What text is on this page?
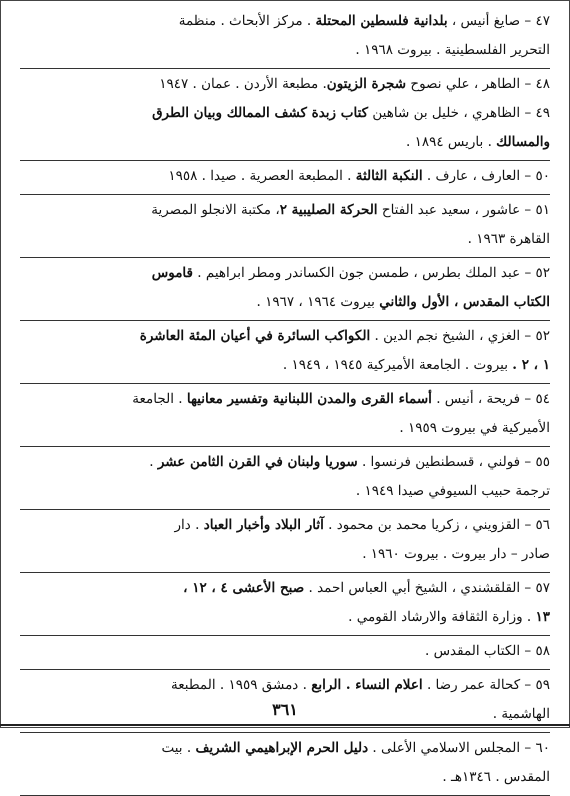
٤٧ – صايغ أنيس ، بلدانية فلسطين المحتلة . مركز الأبحاث . منظمة
التحرير الفلسطينية . بيروت ١٩٦٨ .
٤٨ – الطاهر ، علي نصوح شجرة الزيتون. مطبعة الأردن . عمان . ١٩٤٧
٤٩ – الظاهري ، خليل بن شاهين كتاب زبدة كشف الممالك وبيان الطرق
والمسالك . باريس ١٨٩٤ .
٥٠ – العارف ، عارف . النكبة الثالثة . المطبعة العصرية . صيدا . ١٩٥٨
٥١ – عاشور ، سعيد عبد الفتاح الحركة الصليبية ٢، مكتبة الانجلو المصرية
القاهرة ١٩٦٣ .
٥٢ – عبد الملك بطرس ، طمسن جون الكساندر ومطر ابراهيم . قاموس
الكتاب المقدس ، الأول والثاني بيروت ١٩٦٤ ، ١٩٦٧ .
٥٢ – الغزي ، الشيخ نجم الدين . الكواكب السائرة في أعيان المئة العاشرة
١ ، ٢ . بيروت . الجامعة الأميركية ١٩٤٥ ، ١٩٤٩ .
٥٤ – فريحة ، أنيس . أسماء القرى والمدن اللبنانية وتفسير معانيها . الجامعة
الأميركية في بيروت ١٩٥٩ .
٥٥ – فولني ، قسطنطين فرنسوا . سوريا ولبنان في القرن الثامن عشر .
ترجمة حبيب السيوفي صيدا ١٩٤٩ .
٥٦ – القزويني ، زكريا محمد بن محمود . آثار البلاد وأخبار العباد . دار
صادر – دار بيروت . بيروت ١٩٦٠ .
٥٧ – القلقشندي ، الشيخ أبي العباس احمد . صبح الأعشى ٤ ، ١٢ ،
١٣ . وزارة الثقافة والارشاد القومي .
٥٨ – الكتاب المقدس .
٥٩ – كحالة عمر رضا . اعلام النساء . الرابع . دمشق ١٩٥٩ . المطبعة
الهاشمية .
٦٠ – المجلس الاسلامي الأعلى . دليل الحرم الإبراهيمي الشريف . بيت
المقدس . ١٣٤٦هـ .
٣٦١
